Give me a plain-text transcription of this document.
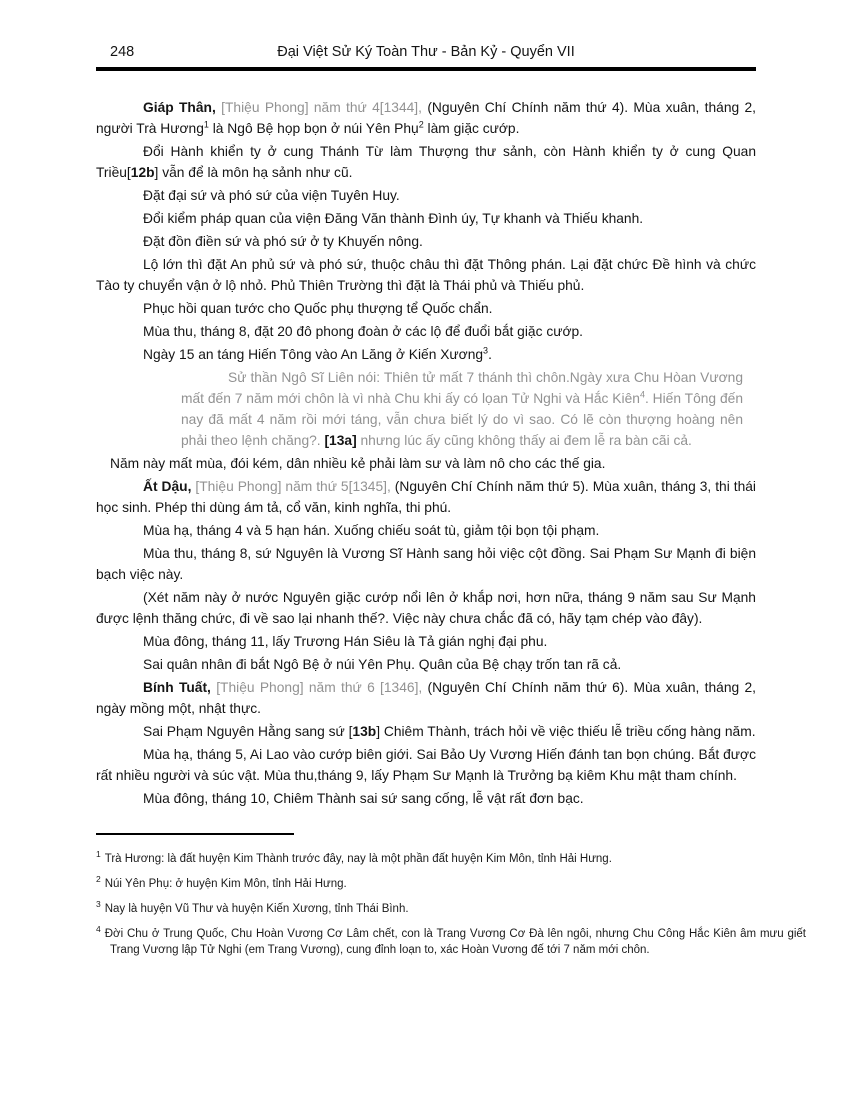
248	Đại Việt Sử Ký Toàn Thư - Bản Kỷ - Quyển VII

Giáp Thân, [Thiệu Phong] năm thứ 4[1344], (Nguyên Chí Chính năm thứ 4). Mùa xuân, tháng 2, người Trà Hương$^1$ là Ngô Bệ họp bọn ở núi Yên Phụ$^2$ làm giặc cướp.

Đổi Hành khiển ty ở cung Thánh Từ làm Thượng thư sảnh, còn Hành khiển ty ở cung Quan Triều[12b] vẫn để là môn hạ sảnh như cũ.

Đặt đại sứ và phó sứ của viện Tuyên Huy.

Đổi kiểm pháp quan của viện Đăng Văn thành Đình úy, Tự khanh và Thiếu khanh.

Đặt đồn điền sứ và phó sứ ở ty Khuyến nông.

Lộ lớn thì đặt An phủ sứ và phó sứ, thuộc châu thì đặt Thông phán. Lại đặt chức Đề hình và chức Tào ty chuyển vận ở lộ nhỏ. Phủ Thiên Trường thì đặt là Thái phủ và Thiếu phủ.

Phục hồi quan tước cho Quốc phụ thượng tể Quốc chẩn.

Mùa thu, tháng 8, đặt 20 đô phong đoàn ở các lộ để đuổi bắt giặc cướp.

Ngày 15 an táng Hiến Tông vào An Lăng ở Kiến Xương$^3$.

Sử thần Ngô Sĩ Liên nói: Thiên tử mất 7 thánh thì chôn.Ngày xưa Chu Hòan Vương mất đến 7 năm mới chôn là vì nhà Chu khi ấy có lọan Tử Nghi và Hắc Kiên$^4$. Hiến Tông đến nay đã mất 4 năm rồi mới táng, vẫn chưa biết lý do vì sao. Có lẽ còn thượng hoàng nên phải theo lệnh chăng?. [13a] nhưng lúc ấy cũng không thấy ai đem lễ ra bàn cãi cả.

Năm này mất mùa, đói kém, dân nhiều kẻ phải làm sư và làm nô cho các thế gia.

Ất Dậu, [Thiệu Phong] năm thứ 5[1345], (Nguyên Chí Chính năm thứ 5). Mùa xuân, tháng 3, thi thái học sinh. Phép thi dùng ám tả, cổ văn, kinh nghĩa, thi phú.

Mùa hạ, tháng 4 và 5 hạn hán. Xuống chiếu soát tù, giảm tội bọn tội phạm.

Mùa thu, tháng 8, sứ Nguyên là Vương Sĩ Hành sang hỏi việc cột đồng. Sai Phạm Sư Mạnh đi biện bạch việc này.

(Xét năm này ở nước Nguyên giặc cướp nổi lên ở khắp nơi, hơn nữa, tháng 9 năm sau Sư Mạnh được lệnh thăng chức, đi về sao lại nhanh thế?. Việc này chưa chắc đã có, hãy tạm chép vào đây).

Mùa đông, tháng 11, lấy Trương Hán Siêu là Tả gián nghị đại phu.

Sai quân nhân đi bắt Ngô Bệ ở núi Yên Phụ. Quân của Bệ chạy trốn tan rã cả.

Bính Tuất, [Thiệu Phong] năm thứ 6 [1346], (Nguyên Chí Chính năm thứ 6). Mùa xuân, tháng 2, ngày mồng một, nhật thực.

Sai Phạm Nguyên Hằng sang sứ [13b] Chiêm Thành, trách hỏi về việc thiếu lễ triều cống hàng năm.

Mùa hạ, tháng 5, Ai Lao vào cướp biên giới. Sai Bảo Uy Vương Hiến đánh tan bọn chúng. Bắt được rất nhiều người và súc vật. Mùa thu,tháng 9, lấy Phạm Sư Mạnh là Trưởng bạ kiêm Khu mật tham chính.

Mùa đông, tháng 10, Chiêm Thành sai sứ sang cống, lễ vật rất đơn bạc.

$^1$ Trà Hương: là đất huyện Kim Thành trước đây, nay là một phần đất huyện Kim Môn, tỉnh Hải Hưng.
$^2$ Núi Yên Phụ: ở huyện Kim Môn, tỉnh Hải Hưng.
$^3$ Nay là huyện Vũ Thư và huyện Kiến Xương, tỉnh Thái Bình.
$^4$ Đời Chu ở Trung Quốc, Chu Hoàn Vương Cơ Lâm chết, con là Trang Vương Cơ Đà lên ngôi, nhưng Chu Công Hắc Kiên âm mưu giết Trang Vương lập Tử Nghi (em Trang Vương), cung đỉnh loạn to, xác Hoàn Vương đế tới 7 năm mới chôn.
